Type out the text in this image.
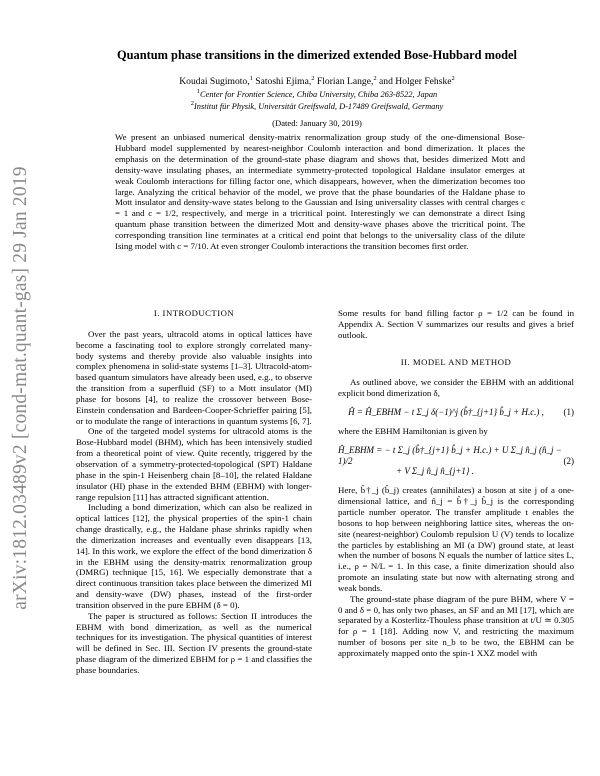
arXiv:1812.03489v2 [cond-mat.quant-gas] 29 Jan 2019
Quantum phase transitions in the dimerized extended Bose-Hubbard model
Koudai Sugimoto,$^1$ Satoshi Ejima,$^2$ Florian Lange,$^2$ and Holger Fehske$^2$
$^1$Center for Frontier Science, Chiba University, Chiba 263-8522, Japan
$^2$Institut für Physik, Universität Greifswald, D-17489 Greifswald, Germany
(Dated: January 30, 2019)

We present an unbiased numerical density-matrix renormalization group study of the one-dimensional Bose-Hubbard model supplemented by nearest-neighbor Coulomb interaction and bond dimerization. It places the emphasis on the determination of the ground-state phase diagram and shows that, besides dimerized Mott and density-wave insulating phases, an intermediate symmetry-protected topological Haldane insulator emerges at weak Coulomb interactions for filling factor one, which disappears, however, when the dimerization becomes too large. Analyzing the critical behavior of the model, we prove that the phase boundaries of the Haldane phase to Mott insulator and density-wave states belong to the Gaussian and Ising universality classes with central charges c = 1 and c = 1/2, respectively, and merge in a tricritical point. Interestingly we can demonstrate a direct Ising quantum phase transition between the dimerized Mott and density-wave phases above the tricritical point. The corresponding transition line terminates at a critical end point that belongs to the universality class of the dilute Ising model with c = 7/10. At even stronger Coulomb interactions the transition becomes first order.

I. INTRODUCTION

Over the past years, ultracold atoms in optical lattices have become a fascinating tool to explore strongly correlated many-body systems and thereby provide also valuable insights into complex phenomena in solid-state systems [1–3]. Ultracold-atom-based quantum simulators have already been used, e.g., to observe the transition from a superfluid (SF) to a Mott insulator (MI) phase for bosons [4], to realize the crossover between Bose-Einstein condensation and Bardeen-Cooper-Schrieffer pairing [5], or to modulate the range of interactions in quantum systems [6, 7].

One of the targeted model systems for ultracold atoms is the Bose-Hubbard model (BHM), which has been intensively studied from a theoretical point of view. Quite recently, triggered by the observation of a symmetry-protected-topological (SPT) Haldane phase in the spin-1 Heisenberg chain [8–10], the related Haldane insulator (HI) phase in the extended BHM (EBHM) with longer-range repulsion [11] has attracted significant attention.

Including a bond dimerization, which can also be realized in optical lattices [12], the physical properties of the spin-1 chain change drastically, e.g., the Haldane phase shrinks rapidly when the dimerization increases and eventually even disappears [13, 14]. In this work, we explore the effect of the bond dimerization δ in the EBHM using the density-matrix renormalization group (DMRG) technique [15, 16]. We especially demonstrate that a direct continuous transition takes place between the dimerized MI and density-wave (DW) phases, instead of the first-order transition observed in the pure EBHM (δ = 0).

The paper is structured as follows: Section II introduces the EBHM with bond dimerization, as well as the numerical techniques for its investigation. The physical quantities of interest will be defined in Sec. III. Section IV presents the ground-state phase diagram of the dimerized EBHM for ρ = 1 and classifies the phase boundaries.

Some results for band filling factor ρ = 1/2 can be found in Appendix A. Section V summarizes our results and gives a brief outlook.

II. MODEL AND METHOD

As outlined above, we consider the EBHM with an additional explicit bond dimerization δ,

Ĥ = Ĥ_EBHM − t Σ_j δ(−1)^j (b̂†_{j+1} b̂_j + H.c.) , (1)

where the EBHM Hamiltonian is given by

Ĥ_EBHM = − t Σ_j (b̂†_{j+1} b̂_j + H.c.) + U Σ_j n̂_j (n̂_j − 1)/2
+ V Σ_j n̂_j n̂_{j+1} .
(2)

Here, b̂†_j (b̂_j) creates (annihilates) a boson at site j of a one-dimensional lattice, and n̂_j = b̂†_j b̂_j is the corresponding particle number operator. The transfer amplitude t enables the bosons to hop between neighboring lattice sites, whereas the on-site (nearest-neighbor) Coulomb repulsion U (V) tends to localize the particles by establishing an MI (a DW) ground state, at least when the number of bosons N equals the number of lattice sites L, i.e., ρ = N/L = 1. In this case, a finite dimerization should also promote an insulating state but now with alternating strong and weak bonds.

The ground-state phase diagram of the pure BHM, where V = 0 and δ = 0, has only two phases, an SF and an MI [17], which are separated by a Kosterlitz-Thouless phase transition at t/U ≃ 0.305 for ρ = 1 [18]. Adding now V, and restricting the maximum number of bosons per site n_b to be two, the EBHM can be approximately mapped onto the spin-1 XXZ model with
